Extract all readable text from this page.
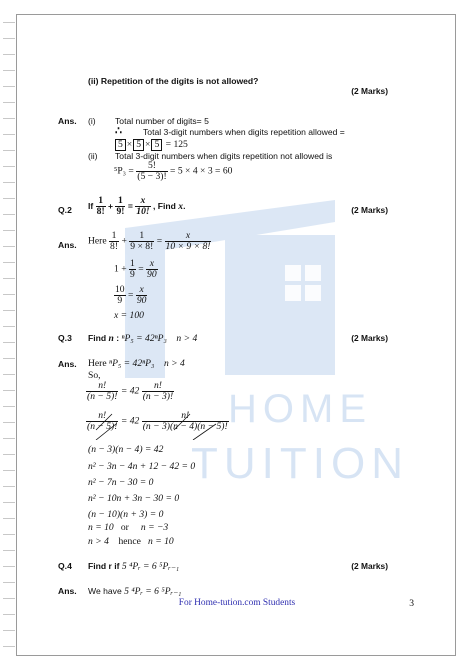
HOME
TUITION
(ii) Repetition of the digits is not allowed?
(2 Marks)
Ans. (i) Total number of digits= 5
∴ Total 3-digit numbers when digits repetition allowed =
5 × 5 × 5 = 125
(ii) Total 3-digit numbers when digits repetition not allowed is
$^5P_3 = \frac{5!}{(5 - 3)!} = 5 \times 4 \times 3 = 60$
Q.2 If $\frac{1}{8!} + \frac{1}{9!} = \frac{x}{10!}$ , Find x.	(2 Marks)
Ans. Here $\frac{1}{8!} + \frac{1}{9 \times 8!} = \frac{x}{10 \times 9 \times 8!}$
$1 + \frac{1}{9} = \frac{x}{90}$
$\frac{10}{9} = \frac{x}{90}$
x = 100
Q.3 Find n : ⁿP₅ = 42ⁿP₃ n > 4	(2 Marks)
Ans. Here ⁿP₅ = 42ⁿP₃ n > 4
So,
$\frac{n!}{(n - 5)!} = 42 \frac{n!}{(n - 3)!}$
$\frac{n!}{(n - 5)!} = 42 \frac{n!}{(n - 3)(n - 4)(n - 5)!}$
(n − 3)(n − 4) = 42
n² − 3n − 4n + 12 − 42 = 0
n² − 7n − 30 = 0
n² − 10n + 3n − 30 = 0
(n − 10)(n + 3) = 0
n = 10 or n = −3
n > 4 hence n = 10
Q.4 Find r if 5 ⁴Pᵣ = 6 ⁵Pᵣ₋₁	(2 Marks)
Ans. We have 5 ⁴Pᵣ = 6 ⁵Pᵣ₋₁
For Home-tution.com Students	3
